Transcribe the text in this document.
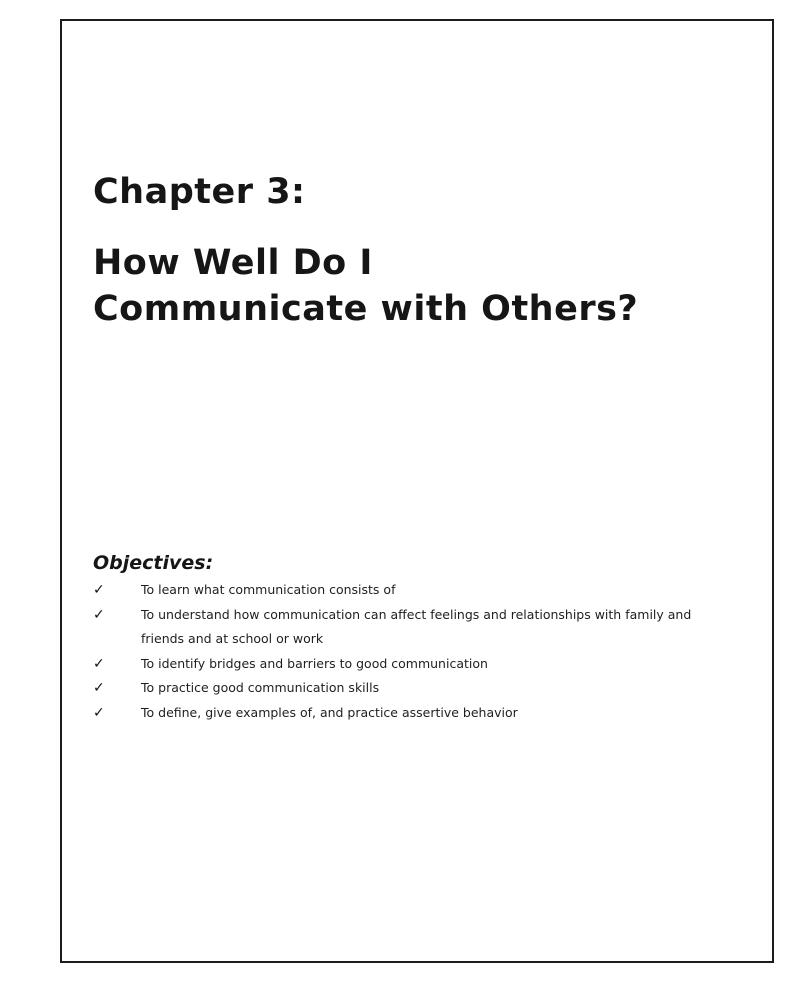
Chapter 3:
How Well Do I
Communicate with Others?
Objectives:
✓	To learn what communication consists of
✓	To understand how communication can affect feelings and relationships with family and friends and at school or work
✓	To identify bridges and barriers to good communication
✓	To practice good communication skills
✓	To define, give examples of, and practice assertive behavior
